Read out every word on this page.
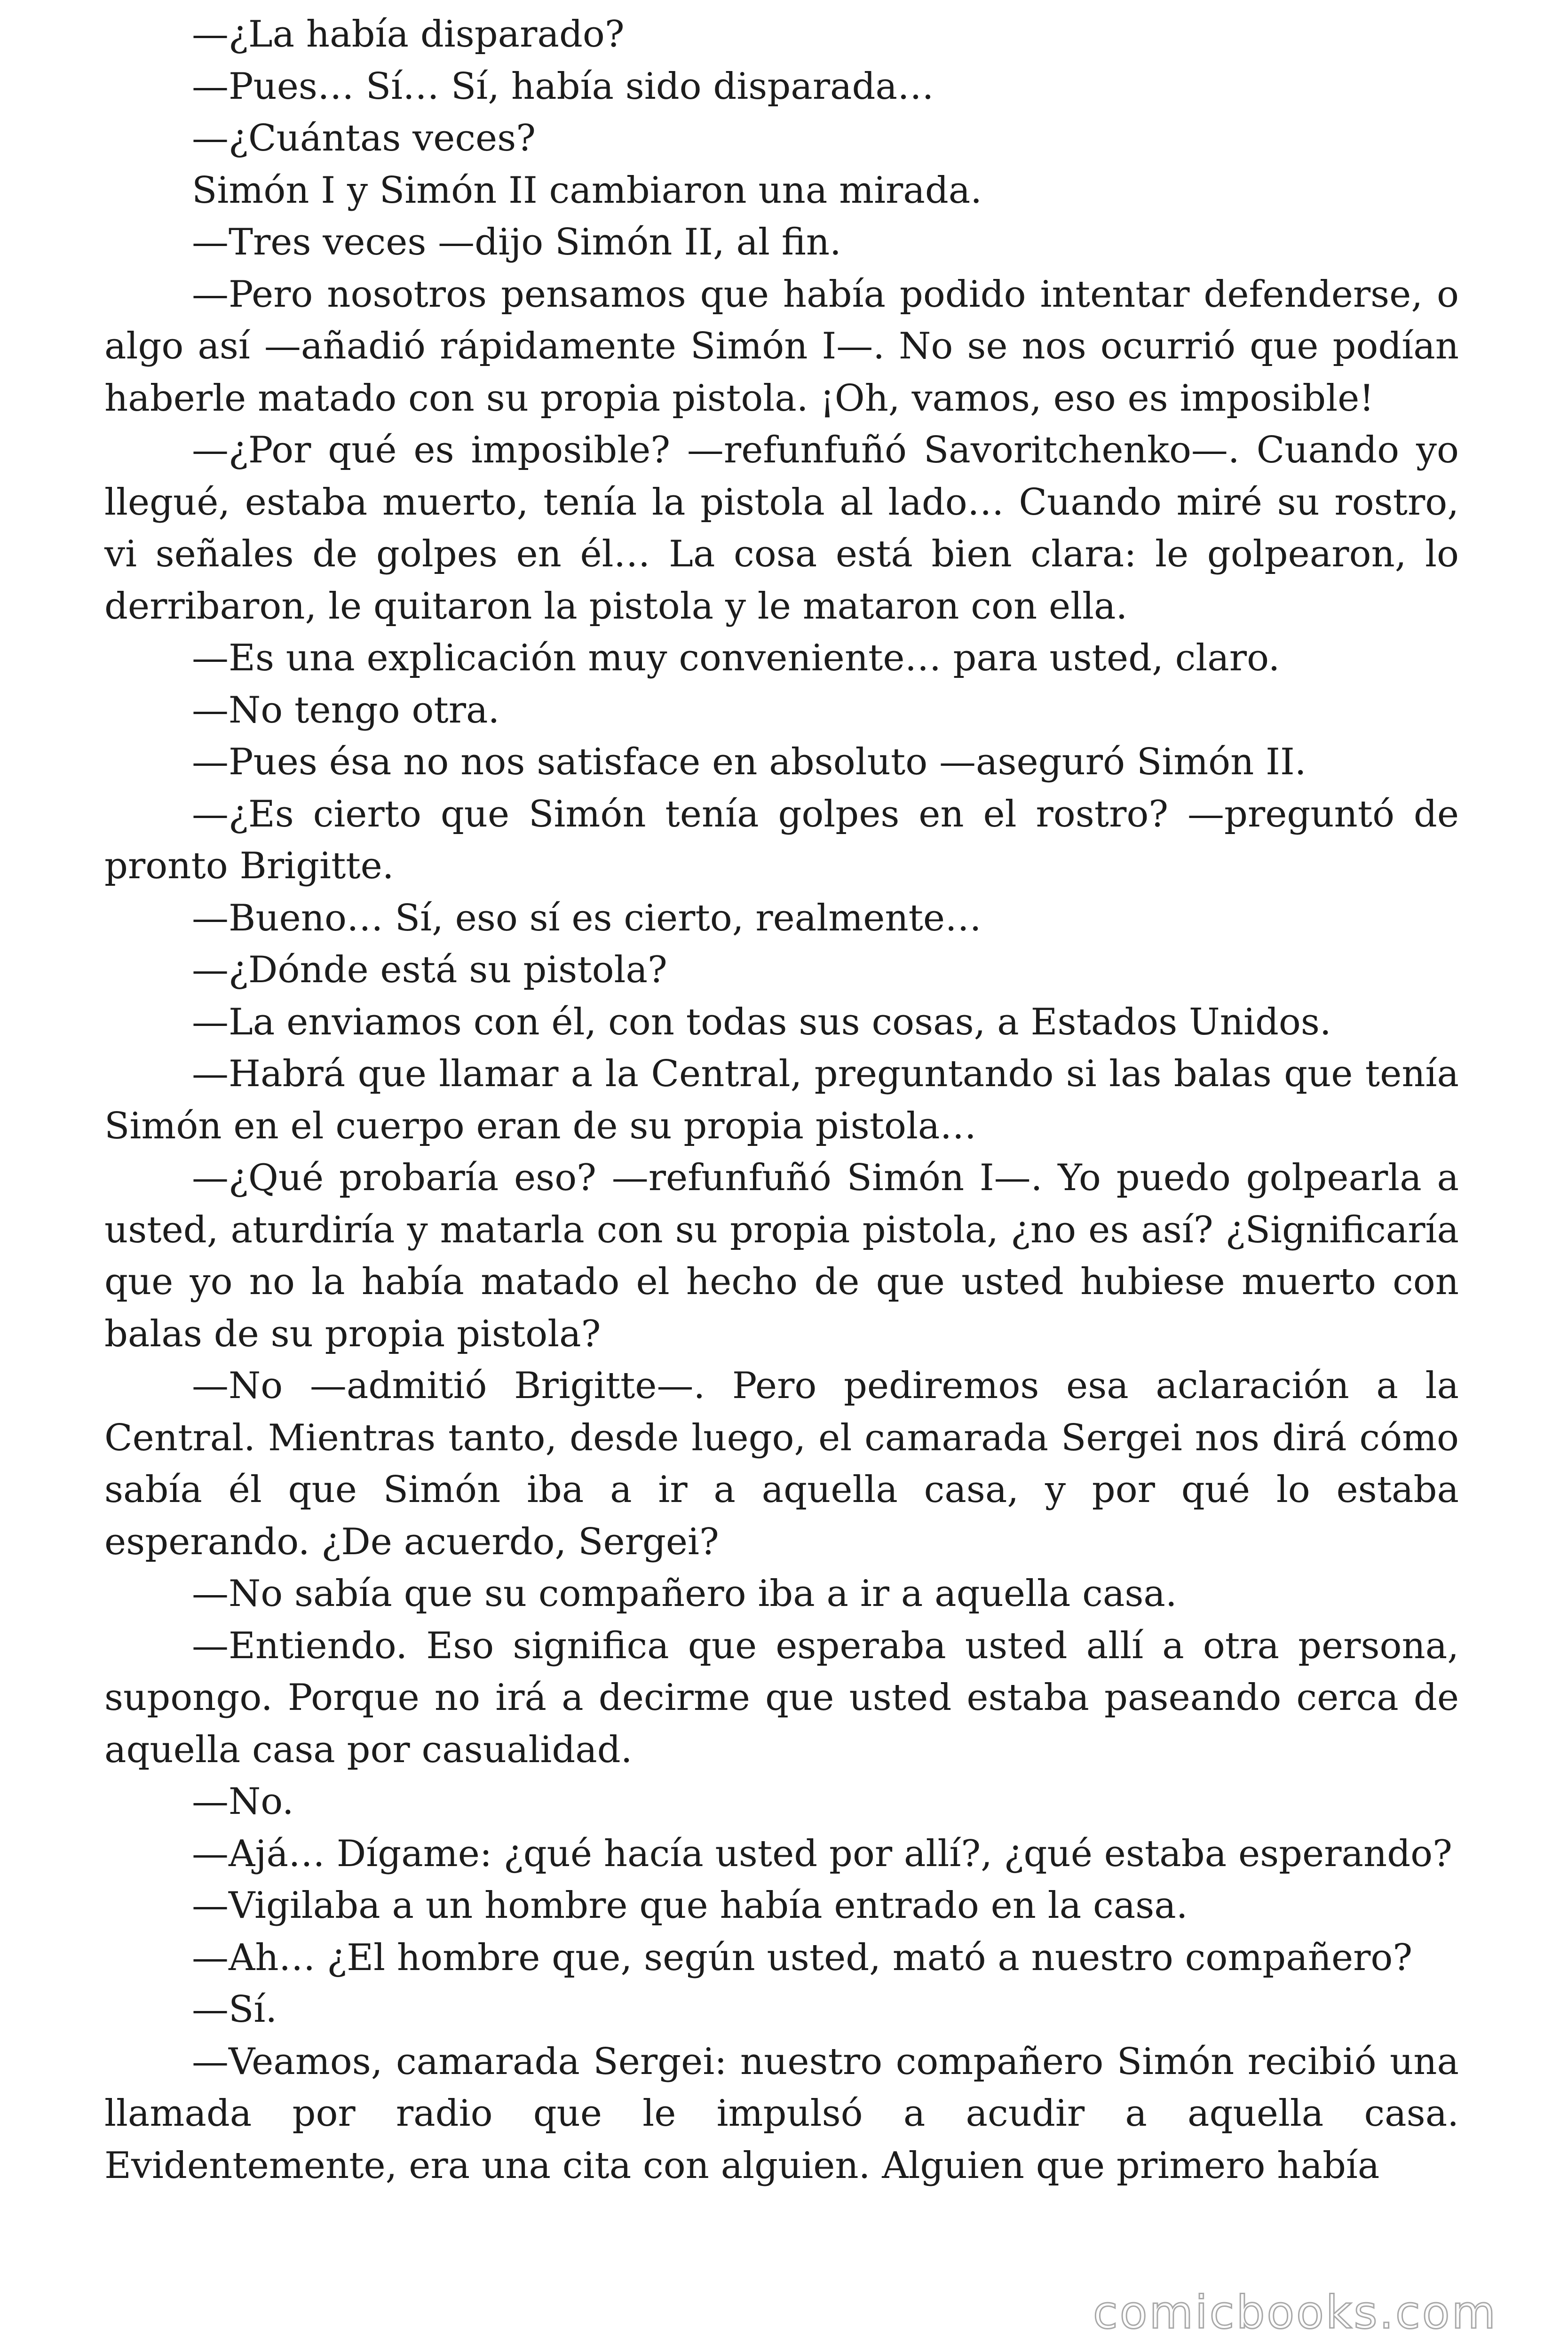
—¿La había disparado?

—Pues… Sí… Sí, había sido disparada…

—¿Cuántas veces?

Simón I y Simón II cambiaron una mirada.

—Tres veces —dijo Simón II, al fin.

—Pero nosotros pensamos que había podido intentar defenderse, o algo así —añadió rápidamente Simón I—. No se nos ocurrió que podían haberle matado con su propia pistola. ¡Oh, vamos, eso es imposible!

—¿Por qué es imposible? —refunfuñó Savoritchenko—. Cuando yo llegué, estaba muerto, tenía la pistola al lado… Cuando miré su rostro, vi señales de golpes en él… La cosa está bien clara: le golpearon, lo derribaron, le quitaron la pistola y le mataron con ella.

—Es una explicación muy conveniente… para usted, claro.

—No tengo otra.

—Pues ésa no nos satisface en absoluto —aseguró Simón II.

—¿Es cierto que Simón tenía golpes en el rostro? —preguntó de pronto Brigitte.

—Bueno… Sí, eso sí es cierto, realmente…

—¿Dónde está su pistola?

—La enviamos con él, con todas sus cosas, a Estados Unidos.

—Habrá que llamar a la Central, preguntando si las balas que tenía Simón en el cuerpo eran de su propia pistola…

—¿Qué probaría eso? —refunfuñó Simón I—. Yo puedo golpearla a usted, aturdiría y matarla con su propia pistola, ¿no es así? ¿Significaría que yo no la había matado el hecho de que usted hubiese muerto con balas de su propia pistola?

—No —admitió Brigitte—. Pero pediremos esa aclaración a la Central. Mientras tanto, desde luego, el camarada Sergei nos dirá cómo sabía él que Simón iba a ir a aquella casa, y por qué lo estaba esperando. ¿De acuerdo, Sergei?

—No sabía que su compañero iba a ir a aquella casa.

—Entiendo. Eso significa que esperaba usted allí a otra persona, supongo. Porque no irá a decirme que usted estaba paseando cerca de aquella casa por casualidad.

—No.

—Ajá… Dígame: ¿qué hacía usted por allí?, ¿qué estaba esperando?

—Vigilaba a un hombre que había entrado en la casa.

—Ah… ¿El hombre que, según usted, mató a nuestro compañero?

—Sí.

—Veamos, camarada Sergei: nuestro compañero Simón recibió una llamada por radio que le impulsó a acudir a aquella casa. Evidentemente, era una cita con alguien. Alguien que primero había

comicbooks.com
